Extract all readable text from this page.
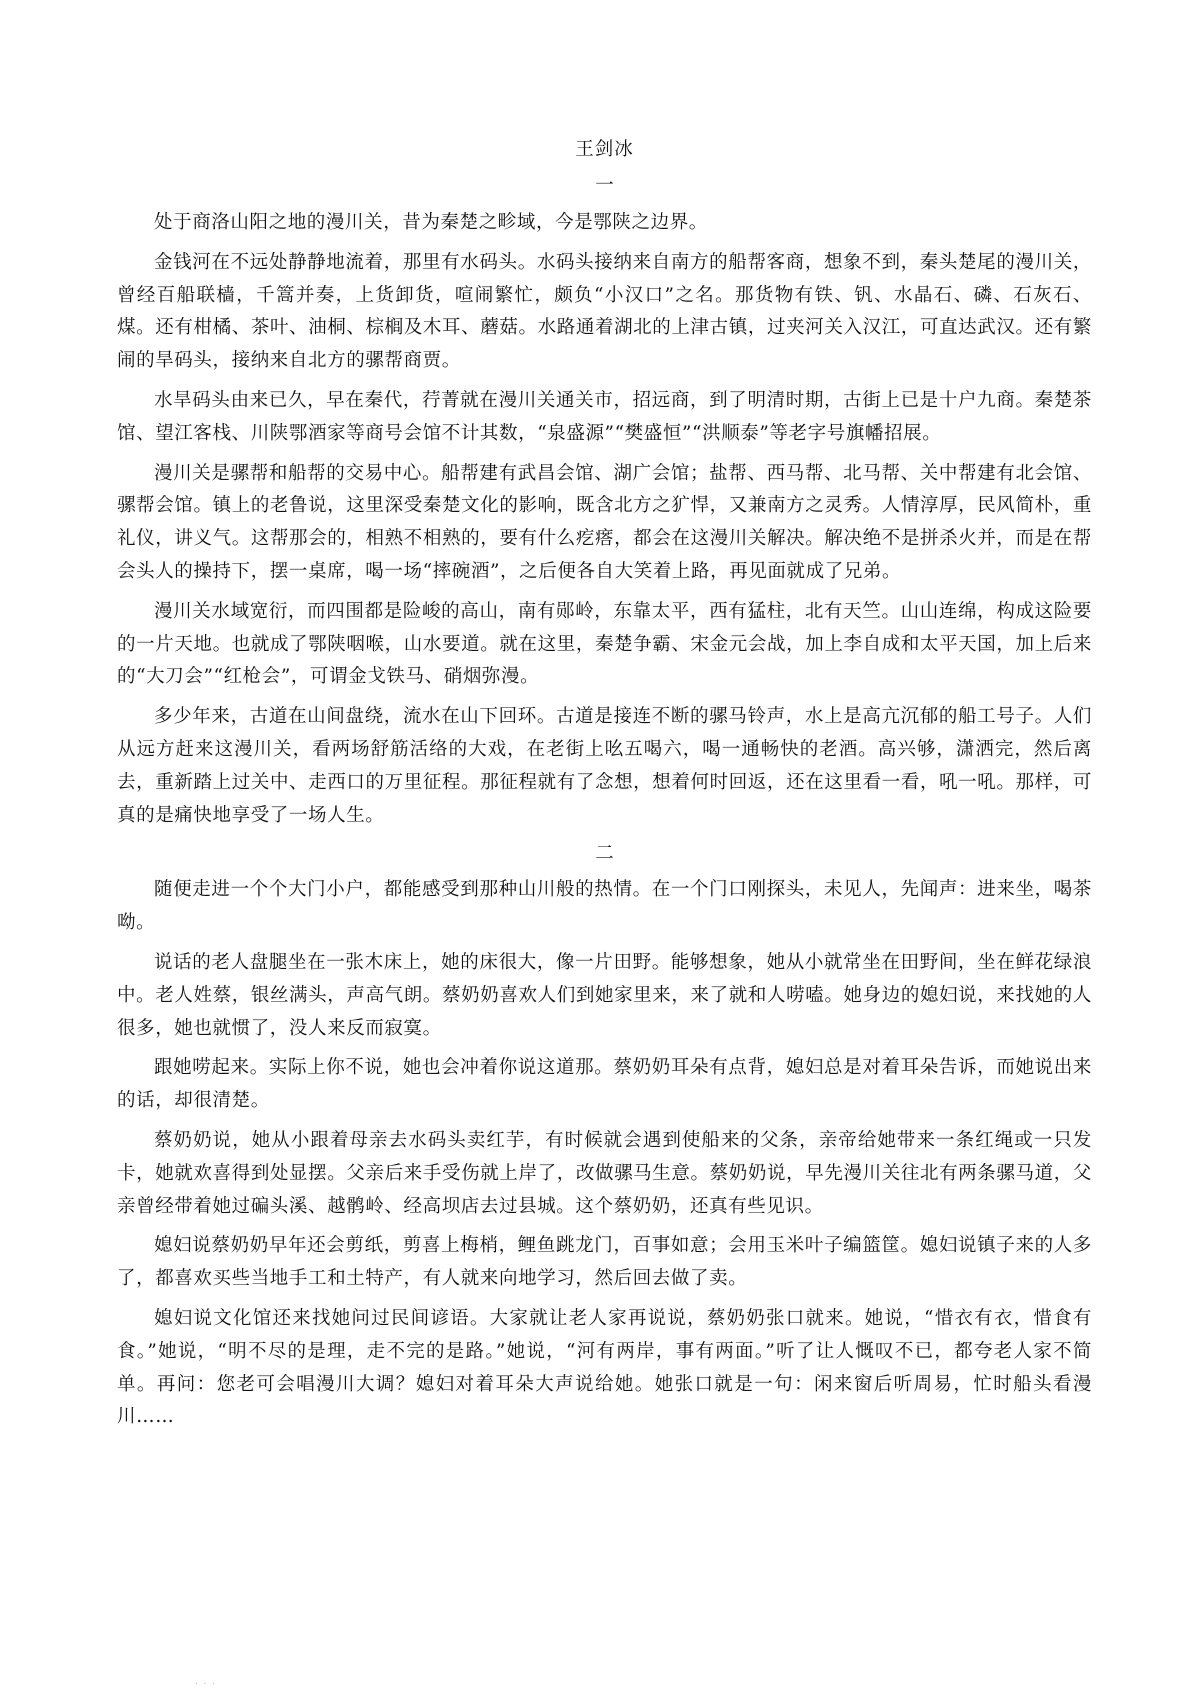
王剑冰
一

处于商洛山阳之地的漫川关，昔为秦楚之畛域，今是鄂陕之边界。

金钱河在不远处静静地流着，那里有水码头。水码头接纳来自南方的船帮客商，想象不到，秦头楚尾的漫川关，曾经百船联樯，千篙并奏，上货卸货，喧闹繁忙，颇负“小汉口”之名。那货物有铁、钒、水晶石、磷、石灰石、煤。还有柑橘、茶叶、油桐、棕榈及木耳、蘑菇。水路通着湖北的上津古镇，过夹河关入汉江，可直达武汉。还有繁闹的旱码头，接纳来自北方的骡帮商贾。

水旱码头由来已久，早在秦代，荇菁就在漫川关通关市，招远商，到了明清时期，古街上已是十户九商。秦楚茶馆、望江客栈、川陕鄂酒家等商号会馆不计其数，“泉盛源”“樊盛恒”“洪顺泰”等老字号旗幡招展。

漫川关是骡帮和船帮的交易中心。船帮建有武昌会馆、湖广会馆；盐帮、西马帮、北马帮、关中帮建有北会馆、骡帮会馆。镇上的老鲁说，这里深受秦楚文化的影响，既含北方之犷悍，又兼南方之灵秀。人情淳厚，民风简朴，重礼仪，讲义气。这帮那会的，相熟不相熟的，要有什么疙瘩，都会在这漫川关解决。解决绝不是拼杀火并，而是在帮会头人的操持下，摆一桌席，喝一场“摔碗酒”，之后便各自大笑着上路，再见面就成了兄弟。

漫川关水域宽衍，而四围都是险峻的高山，南有郧岭，东靠太平，西有猛柱，北有天竺。山山连绵，构成这险要的一片天地。也就成了鄂陕咽喉，山水要道。就在这里，秦楚争霸、宋金元会战，加上李自成和太平天国，加上后来的“大刀会”“红枪会”，可谓金戈铁马、硝烟弥漫。

多少年来，古道在山间盘绕，流水在山下回环。古道是接连不断的骡马铃声，水上是高亢沉郁的船工号子。人们从远方赶来这漫川关，看两场舒筋活络的大戏，在老街上吆五喝六，喝一通畅快的老酒。高兴够，潇洒完，然后离去，重新踏上过关中、走西口的万里征程。那征程就有了念想，想着何时回返，还在这里看一看，吼一吼。那样，可真的是痛快地享受了一场人生。

二

随便走进一个个大门小户，都能感受到那种山川般的热情。在一个门口刚探头，未见人，先闻声：进来坐，喝茶呦。

说话的老人盘腿坐在一张木床上，她的床很大，像一片田野。能够想象，她从小就常坐在田野间，坐在鲜花绿浪中。老人姓蔡，银丝满头，声高气朗。蔡奶奶喜欢人们到她家里来，来了就和人唠嗑。她身边的媳妇说，来找她的人很多，她也就惯了，没人来反而寂寞。

跟她唠起来。实际上你不说，她也会冲着你说这道那。蔡奶奶耳朵有点背，媳妇总是对着耳朵告诉，而她说出来的话，却很清楚。

蔡奶奶说，她从小跟着母亲去水码头卖红芋，有时候就会遇到使船来的父条，亲帝给她带来一条红绳或一只发卡，她就欢喜得到处显摆。父亲后来手受伤就上岸了，改做骡马生意。蔡奶奶说，早先漫川关往北有两条骡马道，父亲曾经带着她过碥头溪、越鹘岭、经高坝店去过县城。这个蔡奶奶，还真有些见识。

媳妇说蔡奶奶早年还会剪纸，剪喜上梅梢，鲤鱼跳龙门，百事如意；会用玉米叶子编篮筐。媳妇说镇子来的人多了，都喜欢买些当地手工和土特产，有人就来向地学习，然后回去做了卖。

媳妇说文化馆还来找她问过民间谚语。大家就让老人家再说说，蔡奶奶张口就来。她说，“惜衣有衣，惜食有食。”她说，“明不尽的是理，走不完的是路。”她说，“河有两岸，事有两面。”听了让人慨叹不已，都夸老人家不简单。再问：您老可会唱漫川大调？媳妇对着耳朵大声说给她。她张口就是一句：闲来窗后听周易，忙时船头看漫川……

· · ·
